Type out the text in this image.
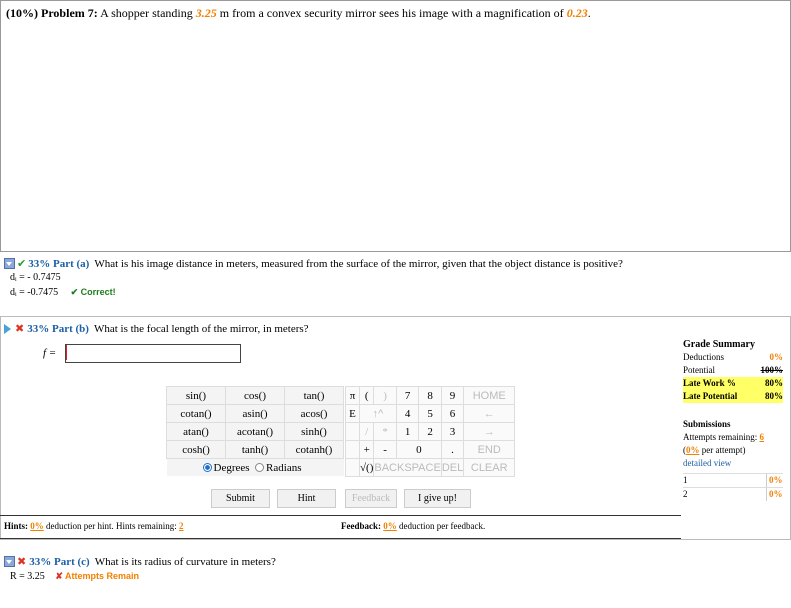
(10%) Problem 7: A shopper standing 3.25 m from a convex security mirror sees his image with a magnification of 0.23.
✔ 33% Part (a) What is his image distance in meters, measured from the surface of the mirror, given that the object distance is positive?
dᵢ = - 0.7475
dᵢ = -0.7475 ✔ Correct!
✖ 33% Part (b) What is the focal length of the mirror, in meters?
f =
sin()	cos()	tan()
cotan()	asin()	acos()
atan()	acotan()	sinh()
cosh()	tanh()	cotanh()
Degrees Radians		
π	(	)	7	8	9	HOME
E	↑^		4	5	6	←
	/	*	1	2	3	→
	+	-	0		.	END
	√()	BACKSPACE			DEL	CLEAR
Submit	Hint	Feedback	I give up!
Hints: 0% deduction per hint. Hints remaining: 2	Feedback: 0% deduction per feedback.
Grade Summary
Deductions	0%
Potential	100%
Late Work %	80%
Late Potential	80%
Submissions
Attempts remaining:
6
( 0%
per attempt)
detailed view
1	0%
2	0%
✖ 33% Part (c) What is its radius of curvature in meters?
R = 3.25 ✘ Attempts Remain
